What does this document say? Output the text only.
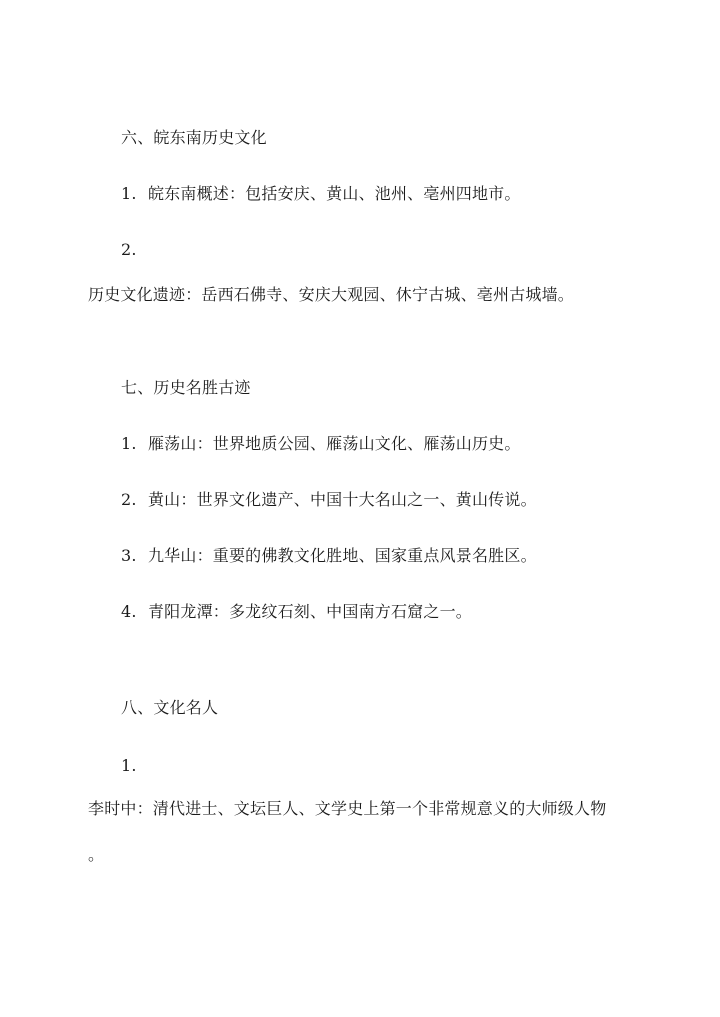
六、皖东南历史文化
1. 皖东南概述：包括安庆、黄山、池州、亳州四地市。
2.
历史文化遗迹：岳西石佛寺、安庆大观园、休宁古城、亳州古城墙。
七、历史名胜古迹
1. 雁荡山：世界地质公园、雁荡山文化、雁荡山历史。
2. 黄山：世界文化遗产、中国十大名山之一、黄山传说。
3. 九华山：重要的佛教文化胜地、国家重点风景名胜区。
4. 青阳龙潭：多龙纹石刻、中国南方石窟之一。
八、文化名人
1.
李时中：清代进士、文坛巨人、文学史上第一个非常规意义的大师级人物
。
